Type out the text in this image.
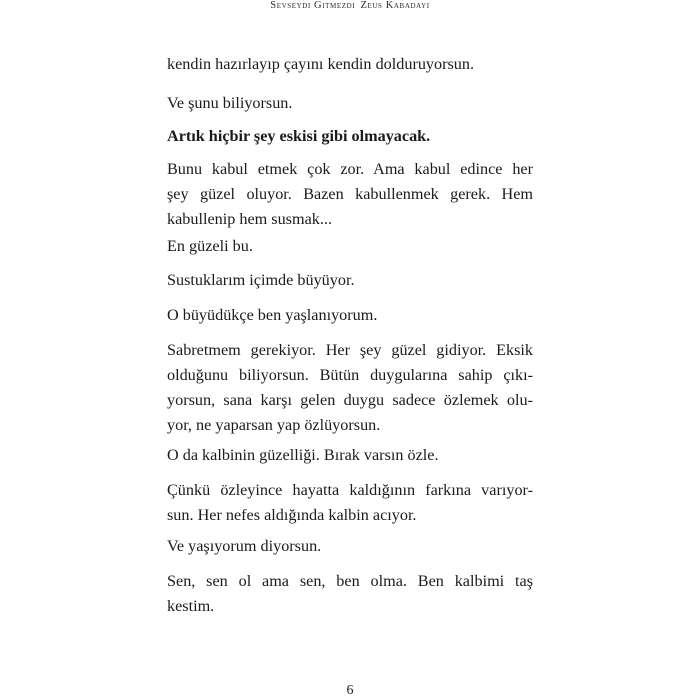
Sevseydi Gitmezdi Zeus Kabadayı

kendin hazırlayıp çayını kendin dolduruyorsun.

Ve şunu biliyorsun.

Artık hiçbir şey eskisi gibi olmayacak.

Bunu kabul etmek çok zor. Ama kabul edince her
şey güzel oluyor. Bazen kabullenmek gerek. Hem
kabullenip hem susmak...

En güzeli bu.

Sustuklarım içimde büyüyor.

O büyüdükçe ben yaşlanıyorum.

Sabretmem gerekiyor. Her şey güzel gidiyor. Eksik
olduğunu biliyorsun. Bütün duygularına sahip çıkı-
yorsun, sana karşı gelen duygu sadece özlemek olu-
yor, ne yaparsan yap özlüyorsun.

O da kalbinin güzelliği. Bırak varsın özle.

Çünkü özleyince hayatta kaldığının farkına varıyor-
sun. Her nefes aldığında kalbin acıyor.

Ve yaşıyorum diyorsun.

Sen, sen ol ama sen, ben olma. Ben kalbimi taş
kestim.

6
